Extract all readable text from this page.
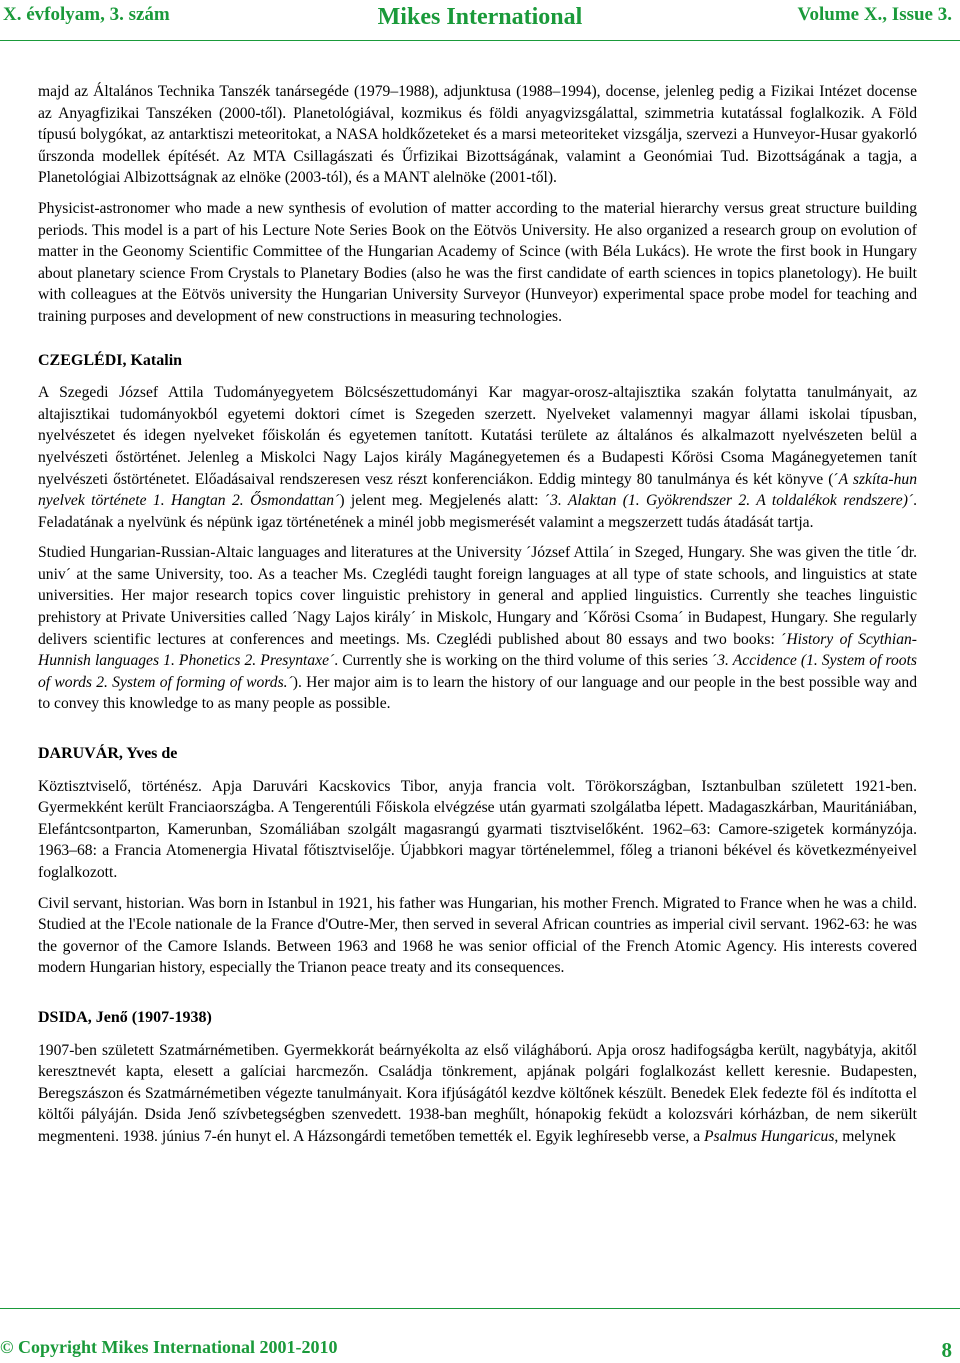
Mikes International
X. évfolyam, 3. szám	Volume X., Issue 3.

majd az Általános Technika Tanszék tanársegéde (1979–1988), adjunktusa (1988–1994), docense, jelenleg pedig a Fizikai Intézet docense az Anyagfizikai Tanszéken (2000-től). Planetológiával, kozmikus és földi anyagvizsgálattal, szimmetria kutatással foglalkozik. A Föld típusú bolygókat, az antarktiszi meteoritokat, a NASA holdkőzeteket és a marsi meteoriteket vizsgálja, szervezi a Hunveyor-Husar gyakorló űrszonda modellek építését. Az MTA Csillagászati és Űrfizikai Bizottságának, valamint a Geonómiai Tud. Bizottságának a tagja, a Planetológiai Albizottságnak az elnöke (2003-tól), és a MANT alelnöke (2001-től).

Physicist-astronomer who made a new synthesis of evolution of matter according to the material hierarchy versus great structure building periods. This model is a part of his Lecture Note Series Book on the Eötvös University. He also organized a research group on evolution of matter in the Geonomy Scientific Committee of the Hungarian Academy of Scince (with Béla Lukács). He wrote the first book in Hungary about planetary science From Crystals to Planetary Bodies (also he was the first candidate of earth sciences in topics planetology). He built with colleagues at the Eötvös university the Hungarian University Surveyor (Hunveyor) experimental space probe model for teaching and training purposes and development of new constructions in measuring technologies.

CZEGLÉDI, Katalin

A Szegedi József Attila Tudományegyetem Bölcsészettudományi Kar magyar-orosz-altajisztika szakán folytatta tanulmányait, az altajisztikai tudományokból egyetemi doktori címet is Szegeden szerzett. Nyelveket valamennyi magyar állami iskolai típusban, nyelvészetet és idegen nyelveket főiskolán és egyetemen tanított. Kutatási területe az általános és alkalmazott nyelvészeten belül a nyelvészeti őstörténet. Jelenleg a Miskolci Nagy Lajos király Magánegyetemen és a Budapesti Kőrösi Csoma Magánegyetemen tanít nyelvészeti őstörténetet. Előadásaival rendszeresen vesz részt konferenciákon. Eddig mintegy 80 tanulmánya és két könyve (´A szkíta-hun nyelvek története 1. Hangtan 2. Ősmondattan´) jelent meg. Megjelenés alatt: ´3. Alaktan (1. Gyökrendszer 2. A toldalékok rendszere)´. Feladatának a nyelvünk és népünk igaz történetének a minél jobb megismerését valamint a megszerzett tudás átadását tartja.

Studied Hungarian-Russian-Altaic languages and literatures at the University ´József Attila´ in Szeged, Hungary. She was given the title ´dr. univ´ at the same University, too. As a teacher Ms. Czeglédi taught foreign languages at all type of state schools, and linguistics at state universities. Her major research topics cover linguistic prehistory in general and applied linguistics. Currently she teaches linguistic prehistory at Private Universities called ´Nagy Lajos király´ in Miskolc, Hungary and ´Kőrösi Csoma´ in Budapest, Hungary. She regularly delivers scientific lectures at conferences and meetings. Ms. Czeglédi published about 80 essays and two books: ´History of Scythian-Hunnish languages 1. Phonetics 2. Presyntaxe´. Currently she is working on the third volume of this series ´3. Accidence (1. System of roots of words 2. System of forming of words.´). Her major aim is to learn the history of our language and our people in the best possible way and to convey this knowledge to as many people as possible.

DARUVÁR, Yves de

Köztisztviselő, történész. Apja Daruvári Kacskovics Tibor, anyja francia volt. Törökországban, Isztanbulban született 1921-ben. Gyermekként került Franciaországba. A Tengerentúli Főiskola elvégzése után gyarmati szolgálatba lépett. Madagaszkárban, Mauritániában, Elefántcsontparton, Kamerunban, Szomáliában szolgált magasrangú gyarmati tisztviselőként. 1962–63: Camore-szigetek kormányzója. 1963–68: a Francia Atomenergia Hivatal főtisztviselője. Újabbkori magyar történelemmel, főleg a trianoni békével és következményeivel foglalkozott.

Civil servant, historian. Was born in Istanbul in 1921, his father was Hungarian, his mother French. Migrated to France when he was a child. Studied at the l'Ecole nationale de la France d'Outre-Mer, then served in several African countries as imperial civil servant. 1962-63: he was the governor of the Camore Islands. Between 1963 and 1968 he was senior official of the French Atomic Agency. His interests covered modern Hungarian history, especially the Trianon peace treaty and its consequences.

DSIDA, Jenő (1907-1938)

1907-ben született Szatmárnémetiben. Gyermekkorát beárnyékolta az első világháború. Apja orosz hadifogságba került, nagybátyja, akitől keresztnevét kapta, elesett a galíciai harcmezőn. Családja tönkrement, apjának polgári foglalkozást kellett keresnie. Budapesten, Beregszászon és Szatmárnémetiben végezte tanulmányait. Kora ifjúságától kezdve költőnek készült. Benedek Elek fedezte föl és indította el költői pályáján. Dsida Jenő szívbetegségben szenvedett. 1938-ban meghűlt, hónapokig feküdt a kolozsvári kórházban, de nem sikerült megmenteni. 1938. június 7-én hunyt el. A Házsongárdi temetőben temették el. Egyik leghíresebb verse, a Psalmus Hungaricus, melynek

© Copyright Mikes International 2001-2010	8
